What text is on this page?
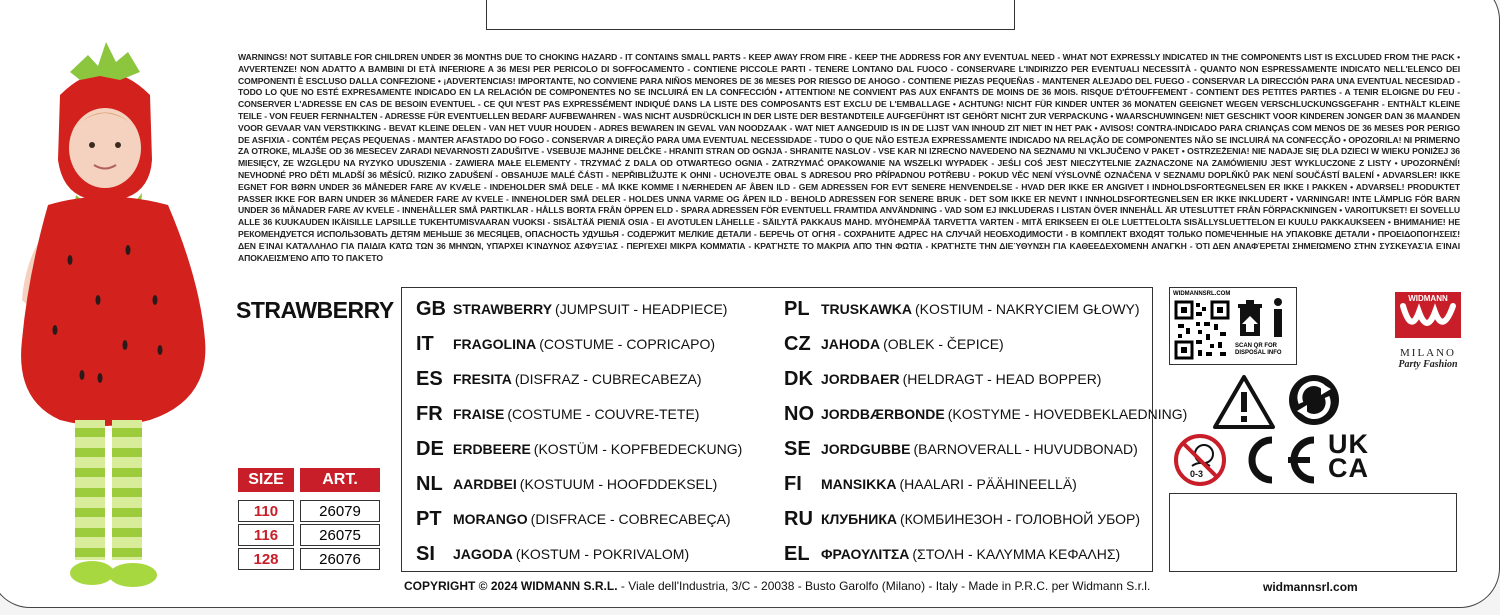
WARNINGS! NOT SUITABLE FOR CHILDREN UNDER 36 MONTHS DUE TO CHOKING HAZARD - IT CONTAINS SMALL PARTS - KEEP AWAY FROM FIRE - KEEP THE ADDRESS FOR ANY EVENTUAL NEED - WHAT NOT EXPRESSLY INDICATED IN THE COMPONENTS LIST IS EXCLUDED FROM THE PACK • AVVERTENZE! NON ADATTO A BAMBINI DI ETÀ INFERIORE A 36 MESI PER PERICOLO DI SOFFOCAMENTO - CONTIENE PICCOLE PARTI - TENERE LONTANO DAL FUOCO - CONSERVARE L'INDIRIZZO PER EVENTUALI NECESSITÀ - QUANTO NON ESPRESSAMENTE INDICATO NELL'ELENCO DEI COMPONENTI È ESCLUSO DALLA CONFEZIONE • ¡ADVERTENCIAS! IMPORTANTE, NO CONVIENE PARA NIÑOS MENORES DE 36 MESES POR RIESGO DE AHOGO - CONTIENE PIEZAS PEQUEÑAS - MANTENER ALEJADO DEL FUEGO - CONSERVAR LA DIRECCIÓN PARA UNA EVENTUAL NECESIDAD - TODO LO QUE NO ESTÉ EXPRESAMENTE INDICADO EN LA RELACIÓN DE COMPONENTES NO SE INCLUIRÁ EN LA CONFECCIÓN • ATTENTION! NE CONVIENT PAS AUX ENFANTS DE MOINS DE 36 MOIS. RISQUE D'ÉTOUFFEMENT - CONTIENT DES PETITES PARTIES - A TENIR ELOIGNE DU FEU - CONSERVER L'ADRESSE EN CAS DE BESOIN EVENTUEL - CE QUI N'EST PAS EXPRESSÉMENT INDIQUÉ DANS LA LISTE DES COMPOSANTS EST EXCLU DE L'EMBALLAGE • ACHTUNG! NICHT FÜR KINDER UNTER 36 MONATEN GEEIGNET WEGEN VERSCHLUCKUNGSGEFAHR - ENTHÄLT KLEINE TEILE - VON FEUER FERNHALTEN - ADRESSE FÜR EVENTUELLEN BEDARF AUFBEWAHREN - WAS NICHT AUSDRÜCKLICH IN DER LISTE DER BESTANDTEILE AUFGEFÜHRT IST GEHÖRT NICHT ZUR VERPACKUNG • WAARSCHUWINGEN! NIET GESCHIKT VOOR KINDEREN JONGER DAN 36 MAANDEN VOOR GEVAAR VAN VERSTIKKING - BEVAT KLEINE DELEN - VAN HET VUUR HOUDEN - ADRES BEWAREN IN GEVAL VAN NOODZAAK - WAT NIET AANGEDUID IS IN DE LIJST VAN INHOUD ZIT NIET IN HET PAK • AVISOS! CONTRA-INDICADO PARA CRIANÇAS COM MENOS DE 36 MESES POR PERIGO DE ASFIXIA - CONTÉM PEÇAS PEQUENAS - MANTER AFASTADO DO FOGO - CONSERVAR A DIREÇÃO PARA UMA EVENTUAL NECESSIDADE - TUDO O QUE NÃO ESTEJA EXPRESSAMENTE INDICADO NA RELAÇÃO DE COMPONENTES NÃO SE INCLUIRÁ NA CONFECÇÃO • OPOZORILA! NI PRIMERNO ZA OTROKE, MLAJŠE OD 36 MESECEV ZARADI NEVARNOSTI ZADUŠITVE - VSEBUJE MAJHNE DELČKE - HRANITI STRAN OD OGNJA - SHRANITE NASLOV - VSE KAR NI IZRECNO NAVEDENO NA SEZNAMU NI VKLJUČENO V PAKET • OSTRZEŻENIA! NIE NADAJE SIĘ DLA DZIECI W WIEKU PONIŻEJ 36 MIESIĘCY, ZE WZGLĘDU NA RYZYKO UDUSZENIA - ZAWIERA MAŁE ELEMENTY - TRZYMAĆ Z DALA OD OTWARTEGO OGNIA - ZATRZYMAĆ OPAKOWANIE NA WSZELKI WYPADEK - JEŚLI COŚ JEST NIECZYTELNIE ZAZNACZONE NA ZAMÓWIENIU JEST WYKLUCZONE Z LISTY • UPOZORNĚNÍ! NEVHODNÉ PRO DĚTI MLADŠÍ 36 MĚSÍCŮ. RIZIKO ZADUŠENÍ - OBSAHUJE MALÉ ČÁSTI - NEPŘIBLIŽUJTE K OHNI - UCHOVEJTE OBAL S ADRESOU PRO PŘÍPADNOU POTŘEBU - POKUD VĚC NENÍ VÝSLOVNĚ OZNAČENA V SEZNAMU DOPLŇKŮ PAK NENÍ SOUČÁSTÍ BALENÍ • ADVARSLER! IKKE EGNET FOR BØRN UNDER 36 MÅNEDER FARE AV KVÆLE - INDEHOLDER SMÅ DELE - MÅ IKKE KOMME I NÆRHEDEN AF ÅBEN ILD - GEM ADRESSEN FOR EVT SENERE HENVENDELSE - HVAD DER IKKE ER ANGIVET I INDHOLDSFORTEGNELSEN ER IKKE I PAKKEN • ADVARSEL! PRODUKTET PASSER IKKE FOR BARN UNDER 36 MÅNEDER FARE AV KVELE - INNEHOLDER SMÅ DELER - HOLDES UNNA VARME OG ÅPEN ILD - BEHOLD ADRESSEN FOR SENERE BRUK - DET SOM IKKE ER NEVNT I INNHOLDSFORTEGNELSEN ER IKKE INKLUDERT • VARNINGAR! INTE LÄMPLIG FÖR BARN UNDER 36 MÅNADER FARE AV KVELE - INNEHÅLLER SMÅ PARTIKLAR - HÅLLS BORTA FRÅN ÖPPEN ELD - SPARA ADRESSEN FÖR EVENTUELL FRAMTIDA ANVÄNDNING - VAD SOM EJ INKLUDERAS I LISTAN ÖVER INNEHÅLL ÄR UTESLUTTET FRÅN FÖRPACKNINGEN • VAROITUKSET! EI SOVELLU ALLE 36 KUUKAUDEN IKÄISILLE LAPSILLE TUKEHTUMISVAARAN VUOKSI - SISÄLTÄÄ PIENIÄ OSIA - EI AVOTULEN LÄHELLE - SÄILYTÄ PAKKAUS MAHD. MYÖHEMPÄÄ TARVETTA VARTEN - MITÄ ERIKSEEN EI OLE LUETTELOLTA SISÄLLYSLUETTELON EI KUULU PAKKAUKSEEN • ВНИМАНИЕ! НЕ РЕКОМЕНДУЕТСЯ ИСПОЛЬЗОВАТЬ ДЕТЯМ МЕНЬШЕ 36 МЕСЯЦЕВ, ОПАСНОСТЬ УДУШЬЯ - СОДЕРЖИТ МЕЛКИЕ ДЕТАЛИ - БЕРЕЧЬ ОТ ОГНЯ - СОХРАНИТЕ АДРЕС НА СЛУЧАЙ НЕОБХОДИМОСТИ - В КОМПЛЕКТ ВХОДЯТ ТОЛЬКО ПОМЕЧЕННЫЕ НА УПАКОВКЕ ДЕТАЛИ • ΠΡΟΕΙΔΟΠΟΙΉΣΕΙΣ! ΔΕΝ ΕΊΝΑΙ ΚΑΤΆΛΛΗΛΟ ΓΙΑ ΠΑΙΔΙΆ ΚΆΤΩ ΤΩΝ 36 ΜΗΝΏΝ, ΥΠΆΡΧΕΙ ΚΊΝΔΥΝΟΣ ΑΣΦΥΞΊΑΣ - ΠΕΡΙΈΧΕΙ ΜΙΚΡΆ ΚΟΜΜΆΤΙΑ - ΚΡΑΤΉΣΤΕ ΤΟ ΜΑΚΡΙΆ ΑΠΌ ΤΗΝ ΦΩΤΙΆ - ΚΡΑΤΉΣΤΕ ΤΗΝ ΔΙΕΎΘΥΝΣΗ ΓΙΑ ΚΑΘΕΕΔΕΧΌΜΕΝΗ ΑΝΆΓΚΗ - ΌΤΙ ΔΕΝ ΑΝΑΦΈΡΕΤΑΙ ΣΗΜΕΙΏΜΕΝΟ ΣΤΗΝ ΣΥΣΚΕΥΑΣΊΑ ΕΊΝΑΙ ΑΠΟΚΛΕΙΣΜΈΝΟ ΑΠΌ ΤΟ ΠΑΚΈΤΟ
STRAWBERRY
SIZE	ART.
110	26079
116	26075
128	26076
GB STRAWBERRY (JUMPSUIT - HEADPIECE)
IT	FRAGOLINA (COSTUME - COPRICAPO)
ES FRESITA (DISFRAZ - CUBRECABEZA)
FR FRAISE (COSTUME - COUVRE-TETE)
DE ERDBEERE (KOSTÜM - KOPFBEDECKUNG)
NL AARDBEI (KOSTUUM - HOOFDDEKSEL)
PT MORANGO (DISFRACE - COBRECABEÇA)
SI	JAGODA (KOSTUM - POKRIVALOM)
PL TRUSKAWKA (KOSTIUM - NAKRYCIEM GŁOWY)
CZ JAHODA (OBLEK - ČEPICE)
DK JORDBAER (HELDRAGT - HEAD BOPPER)
NO JORDBÆRBONDE (KOSTYME - HOVEDBEKLAEDNING)
SE JORDGUBBE (BARNOVERALL - HUVUDBONAD)
FI	MANSIKKA (HAALARI - PÄÄHINEELLÄ)
RU КЛУБНИКА (КОМБИНЕЗОН - ГОЛОВНОЙ УБОР)
EL ΦΡΑΟΥΛΙΤΣΑ (ΣΤΟΛΗ - ΚΑΛΥΜΜΑ ΚΕΦΑΛΗΣ)
COPYRIGHT © 2024 WIDMANN S.R.L. - Viale dell'Industria, 3/C - 20038 - Busto Garolfo (Milano) - Italy - Made in P.R.C. per Widmann S.r.l.	widmannsrl.com
WIDMANNSRL.COM
SCAN QR FOR DISPOSAL INFO
WIDMANN
MILANO
Party Fashion
0-3
UK
CA
